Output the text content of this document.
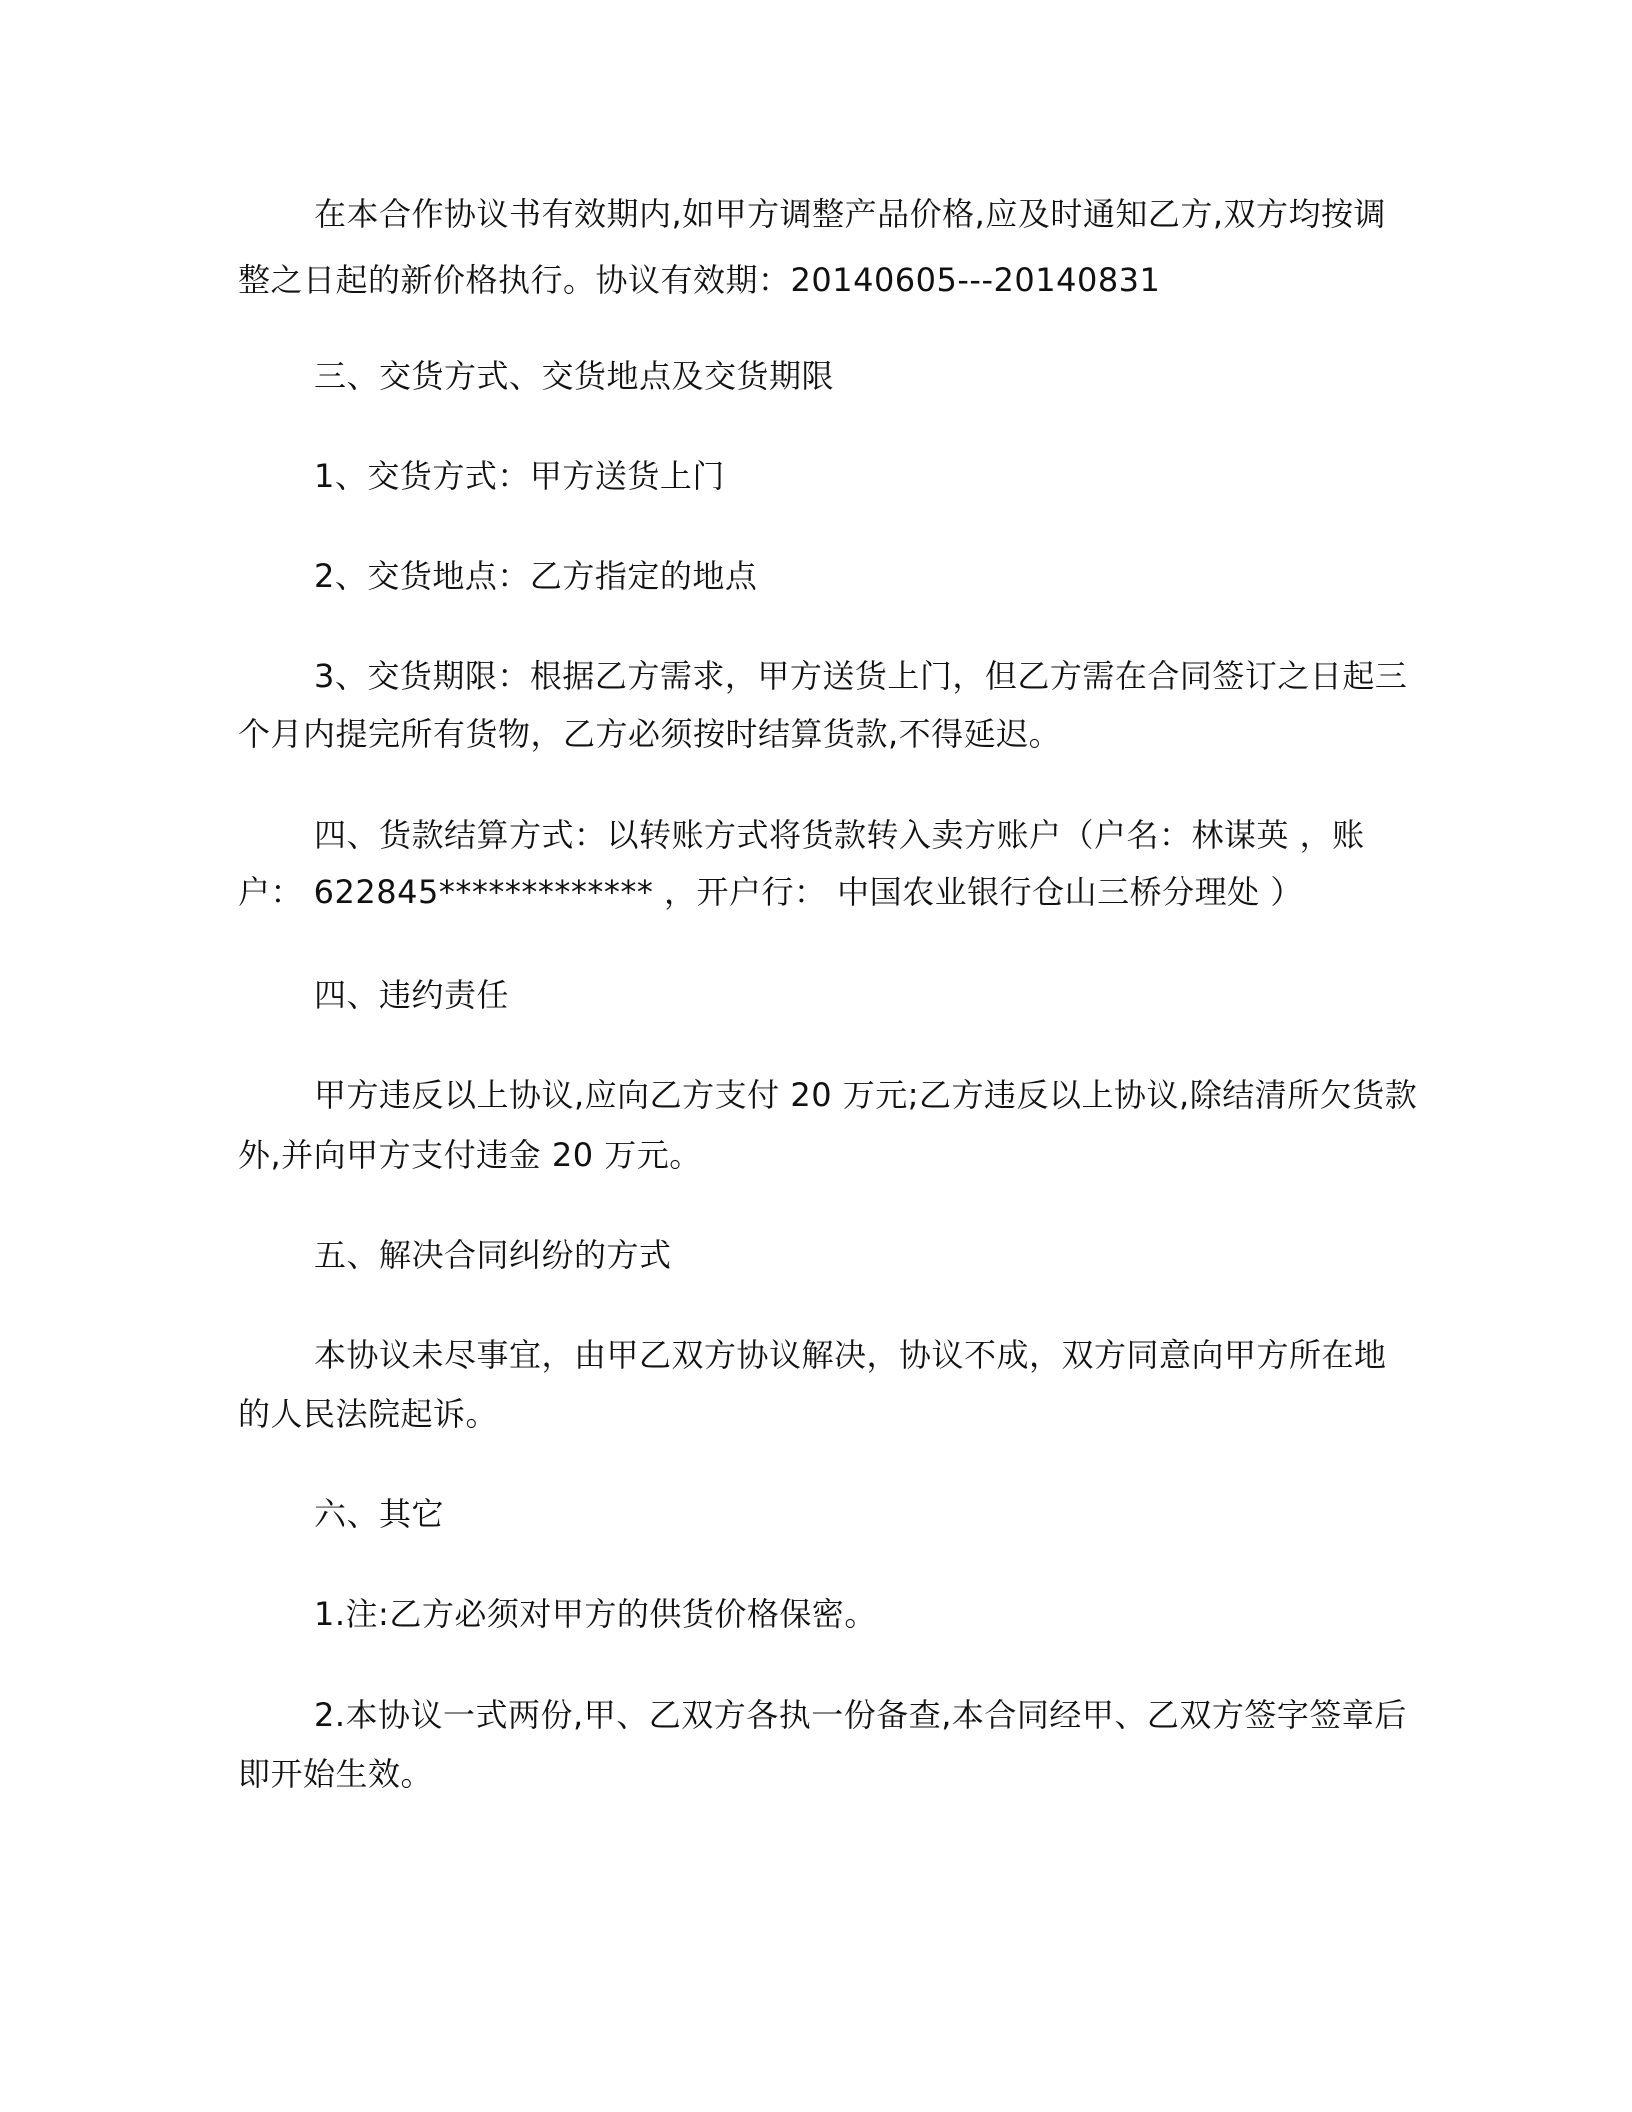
在本合作协议书有效期内,如甲方调整产品价格,应及时通知乙方,双方均按调
整之日起的新价格执行。协议有效期：20140605---20140831
三、交货方式、交货地点及交货期限
1、交货方式：甲方送货上门
2、交货地点：乙方指定的地点
3、交货期限：根据乙方需求，甲方送货上门，但乙方需在合同签订之日起三
个月内提完所有货物，乙方必须按时结算货款,不得延迟。
四、货款结算方式：以转账方式将货款转入卖方账户（户名：林谋英 ，账
户： 622845************* ，开户行： 中国农业银行仓山三桥分理处 ）
四、违约责任
甲方违反以上协议,应向乙方支付 20 万元;乙方违反以上协议,除结清所欠货款
外,并向甲方支付违金 20 万元。
五、解决合同纠纷的方式
本协议未尽事宜，由甲乙双方协议解决，协议不成，双方同意向甲方所在地
的人民法院起诉。
六、其它
1.注:乙方必须对甲方的供货价格保密。
2.本协议一式两份,甲、乙双方各执一份备查,本合同经甲、乙双方签字签章后
即开始生效。
